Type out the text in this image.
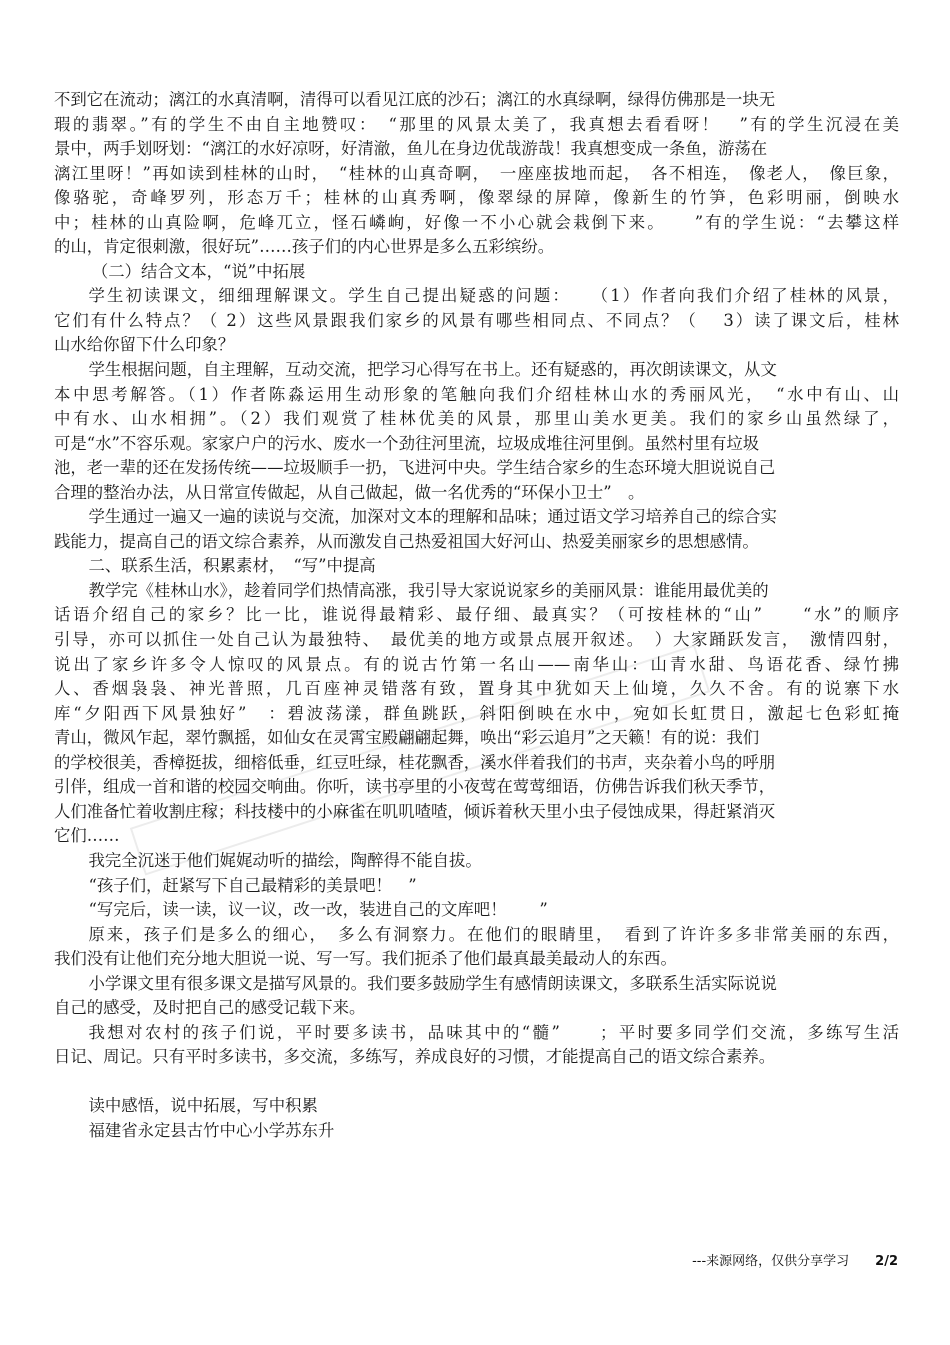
不到它在流动；漓江的水真清啊，清得可以看见江底的沙石；漓江的水真绿啊，绿得仿佛那是一块无
瑕的翡翠。”有的学生不由自主地赞叹：　“那里的风景太美了，我真想去看看呀！　”有的学生沉浸在美
景中，两手划呀划：“漓江的水好凉呀，好清澈，鱼儿在身边优哉游哉！我真想变成一条鱼，游荡在
漓江里呀！”再如读到桂林的山时，　“桂林的山真奇啊，　一座座拔地而起，　各不相连，　像老人，　像巨象，
像骆驼，奇峰罗列，形态万千；桂林的山真秀啊，像翠绿的屏障，像新生的竹笋，色彩明丽，倒映水
中；桂林的山真险啊，危峰兀立，怪石嶙峋，好像一不小心就会栽倒下来。　　”有的学生说：“去攀这样
的山，肯定很刺激，很好玩”……孩子们的内心世界是多么五彩缤纷。
（二）结合文本，“说”中拓展
学生初读课文，细细理解课文。学生自己提出疑惑的问题：　　（1）作者向我们介绍了桂林的风景，
它们有什么特点？（ 2）这些风景跟我们家乡的风景有哪些相同点、不同点？（　 3）读了课文后，桂林
山水给你留下什么印象？
学生根据问题，自主理解，互动交流，把学习心得写在书上。还有疑惑的，再次朗读课文，从文
本中思考解答。（1）作者陈淼运用生动形象的笔触向我们介绍桂林山水的秀丽风光，　“水中有山、山
中有水、山水相拥”。（2）我们观赏了桂林优美的风景，那里山美水更美。我们的家乡山虽然绿了，
可是“水”不容乐观。家家户户的污水、废水一个劲往河里流，垃圾成堆往河里倒。虽然村里有垃圾
池，老一辈的还在发扬传统——垃圾顺手一扔，飞进河中央。学生结合家乡的生态环境大胆说说自己
合理的整治办法，从日常宣传做起，从自己做起，做一名优秀的“环保小卫士”　。
学生通过一遍又一遍的读说与交流，加深对文本的理解和品味；通过语文学习培养自己的综合实
践能力，提高自己的语文综合素养，从而激发自己热爱祖国大好河山、热爱美丽家乡的思想感情。
二、联系生活，积累素材，　“写”中提高
教学完《桂林山水》，趁着同学们热情高涨，我引导大家说说家乡的美丽风景：谁能用最优美的
话语介绍自己的家乡？比一比，谁说得最精彩、最仔细、最真实？（可按桂林的“山”　　“水”的顺序
引导，亦可以抓住一处自己认为最独特、　最优美的地方或景点展开叙述。　）大家踊跃发言，　激情四射，
说出了家乡许多令人惊叹的风景点。有的说古竹第一名山——南华山：山青水甜、鸟语花香、绿竹拂
人、香烟袅袅、神光普照，几百座神灵错落有致，置身其中犹如天上仙境，久久不舍。有的说寨下水
库“夕阳西下风景独好”　：碧波荡漾，群鱼跳跃，斜阳倒映在水中，宛如长虹贯日，激起七色彩虹掩
青山，微风乍起，翠竹飘摇，如仙女在灵霄宝殿翩翩起舞，唤出“彩云追月”之天籁！有的说：我们
的学校很美，香樟挺拔，细榕低垂，红豆吐绿，桂花飘香，溪水伴着我们的书声，夹杂着小鸟的呼朋
引伴，组成一首和谐的校园交响曲。你听，读书亭里的小夜莺在莺莺细语，仿佛告诉我们秋天季节，
人们准备忙着收割庄稼；科技楼中的小麻雀在叽叽喳喳，倾诉着秋天里小虫子侵蚀成果，得赶紧消灭
它们……
我完全沉迷于他们娓娓动听的描绘，陶醉得不能自拔。
“孩子们，赶紧写下自己最精彩的美景吧！　”
“写完后，读一读，议一议，改一改，装进自己的文库吧！　　”
原来，孩子们是多么的细心，　多么有洞察力。在他们的眼睛里，　看到了许许多多非常美丽的东西，
我们没有让他们充分地大胆说一说、写一写。我们扼杀了他们最真最美最动人的东西。
小学课文里有很多课文是描写风景的。我们要多鼓励学生有感情朗读课文，多联系生活实际说说
自己的感受，及时把自己的感受记载下来。
我想对农村的孩子们说，平时要多读书，品味其中的“髓”　　；平时要多同学们交流，多练写生活
日记、周记。只有平时多读书，多交流，多练写，养成良好的习惯，才能提高自己的语文综合素养。
读中感悟，说中拓展，写中积累
福建省永定县古竹中心小学苏东升
---来源网络，仅供分享学习 2/2
